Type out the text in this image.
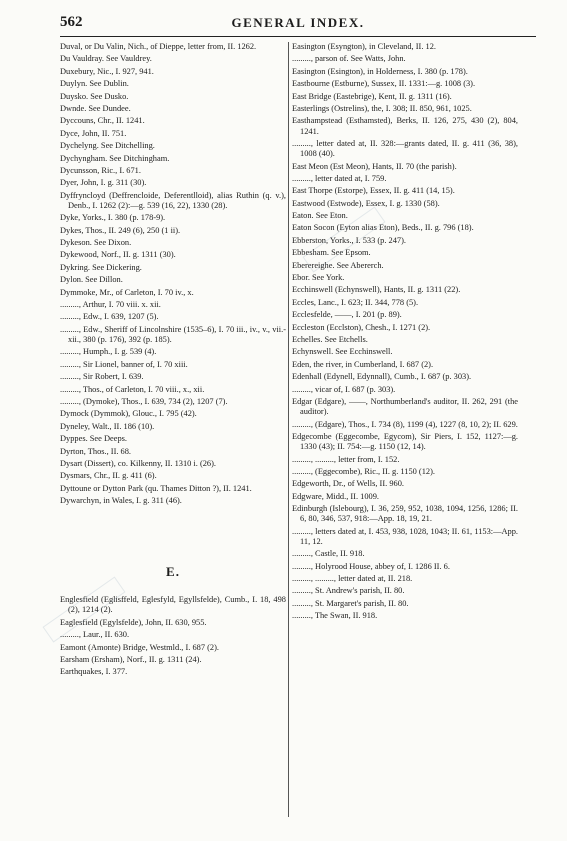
562	GENERAL INDEX.
Duval, or Du Valin, Nich., of Dieppe, letter from, II. 1262.
Du Vauldray. See Vauldrey.
Duxebury, Nic., I. 927, 941.
Duylyn. See Dublin.
Duysko. See Dusko.
Dwnde. See Dundee.
Dyccouns, Chr., II. 1241.
Dyce, John, II. 751.
Dychelyng. See Ditchelling.
Dychyngham. See Ditchingham.
Dycunsson, Ric., I. 671.
Dyer, John, I. g. 311 (30).
Dyffryncloyd (Deffrencloide, Deferentlloid), alias Ruthin (q. v.), Denb., I. 1262 (2):—g. 539 (16, 22), 1330 (28).
Dyke, Yorks., I. 380 (p. 178-9).
Dykes, Thos., II. 249 (6), 250 (1 ii).
Dykeson. See Dixon.
Dykewood, Norf., II. g. 1311 (30).
Dykring. See Dickering.
Dylon. See Dillon.
Dymmoke, Mr., of Carleton, I. 70 iv., x.
........., Arthur, I. 70 viii. x. xii.
........., Edw., I. 639, 1207 (5).
........., Edw., Sheriff of Lincolnshire (1535–6), I. 70 iii., iv., v., vii.-xii., 380 (p. 176), 392 (p. 185).
........., Humph., I. g. 539 (4).
........., Sir Lionel, banner of, I. 70 xiii.
........., Sir Robert, I. 639.
........., Thos., of Carleton, I. 70 viii., x., xii.
........., (Dymoke), Thos., I. 639, 734 (2), 1207 (7).
Dymock (Dymmok), Glouc., I. 795 (42).
Dyneley, Walt., II. 186 (10).
Dyppes. See Deeps.
Dyrton, Thos., II. 68.
Dysart (Dissert), co. Kilkenny, II. 1310 i. (26).
Dysmars, Chr., II. g. 411 (6).
Dyttoune or Dytton Park (qu. Thames Ditton ?), II. 1241.
Dywarchyn, in Wales, I. g. 311 (46).
E.
Englesfield (Eglisffeld, Eglesfyld, Egyllsfelde), Cumb., I. 18, 498 (2), 1214 (2).
Eaglesfield (Egylsfelde), John, II. 630, 955.
........., Laur., II. 630.
Eamont (Amonte) Bridge, Westmld., I. 687 (2).
Earsham (Ersham), Norf., II. g. 1311 (24).
Earthquakes, I. 377.
Easington (Esyngton), in Cleveland, II. 12.
........., parson of. See Watts, John.
Easington (Esington), in Holderness, I. 380 (p. 178).
Eastbourne (Estburne), Sussex, II. 1331:—g. 1008 (3).
East Bridge (Eastebrige), Kent, II. g. 1311 (16).
Easterlings (Ostrelins), the, I. 308; II. 850, 961, 1025.
Easthampstead (Esthamsted), Berks, II. 126, 275, 430 (2), 804, 1241.
........., letter dated at, II. 328:—grants dated, II. g. 411 (36, 38), 1008 (40).
East Meon (Est Meon), Hants, II. 70 (the parish).
........., letter dated at, I. 759.
East Thorpe (Estorpe), Essex, II. g. 411 (14, 15).
Eastwood (Estwode), Essex, I. g. 1330 (58).
Eaton. See Eton.
Eaton Socon (Eyton alias Eton), Beds., II. g. 796 (18).
Ebberston, Yorks., I. 533 (p. 247).
Ebbesham. See Epsom.
Eberereighe. See Abererch.
Ebor. See York.
Ecchinswell (Echynswell), Hants, II. g. 1311 (22).
Eccles, Lanc., I. 623; II. 344, 778 (5).
Ecclesfelde, ——, I. 201 (p. 89).
Eccleston (Ecclston), Chesh., I. 1271 (2).
Echelles. See Etchells.
Echynswell. See Ecchinswell.
Eden, the river, in Cumberland, I. 687 (2).
Edenhall (Edynell, Edynnall), Cumb., I. 687 (p. 303).
........., vicar of, I. 687 (p. 303).
Edgar (Edgare), ——, Northumberland's auditor, II. 262, 291 (the auditor).
........., (Edgare), Thos., I. 734 (8), 1199 (4), 1227 (8, 10, 2); II. 629.
Edgecombe (Eggecombe, Egycom), Sir Piers, I. 152, 1127:—g. 1330 (43); II. 754:—g. 1150 (12, 14).
........., ........., letter from, I. 152.
........., (Eggecombe), Ric., II. g. 1150 (12).
Edgeworth, Dr., of Wells, II. 960.
Edgware, Midd., II. 1009.
Edinburgh (Islebourg), I. 36, 259, 952, 1038, 1094, 1256, 1286; II. 6, 80, 346, 537, 918:—App. 18, 19, 21.
........., letters dated at, I. 453, 938, 1028, 1043; II. 61, 1153:—App. 11, 12.
........., Castle, II. 918.
........., Holyrood House, abbey of, I. 1286 II. 6.
........., ........., letter dated at, II. 218.
........., St. Andrew's parish, II. 80.
........., St. Margaret's parish, II. 80.
........., The Swan, II. 918.
